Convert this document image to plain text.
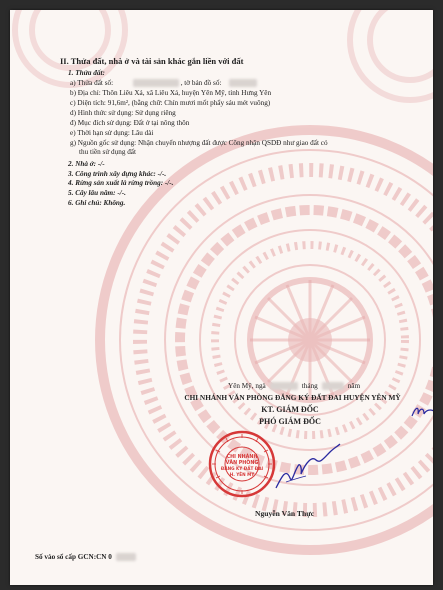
II. Thửa đất, nhà ở và tài sản khác gắn liền với đất
1. Thửa đất:
a) Thửa đất số:	, tờ bản đồ số:
b) Địa chỉ: Thôn Liêu Xá, xã Liêu Xá, huyện Yên Mỹ, tỉnh Hưng Yên
c) Diện tích: 91,6m², (bằng chữ: Chín mươi mốt phẩy sáu mét vuông)
d) Hình thức sử dụng: Sử dụng riêng
đ) Mục đích sử dụng: Đất ở tại nông thôn
e) Thời hạn sử dụng: Lâu dài
g) Nguồn gốc sử dụng: Nhận chuyển nhượng đất được Công nhận QSDĐ như giao đất có
thu tiền sử dụng đất
2. Nhà ở: -/-
3. Công trình xây dựng khác: -/-.
4. Rừng sản xuất là rừng trồng: -/-.
5. Cây lâu năm: -/-.
6. Ghi chú: Không.
Yên Mỹ, ngà	tháng	năm
CHI NHÁNH VĂN PHÒNG ĐĂNG KÝ ĐẤT ĐAI HUYỆN YÊN MỸ
KT. GIÁM ĐỐC
PHÓ GIÁM ĐỐC
CHI NHÁNH
VĂN PHÒNG
ĐĂNG KÝ ĐẤT ĐAI
H. YÊN MỸ
Nguyễn Văn Thực
Số vào sổ cấp GCN:CN 0
